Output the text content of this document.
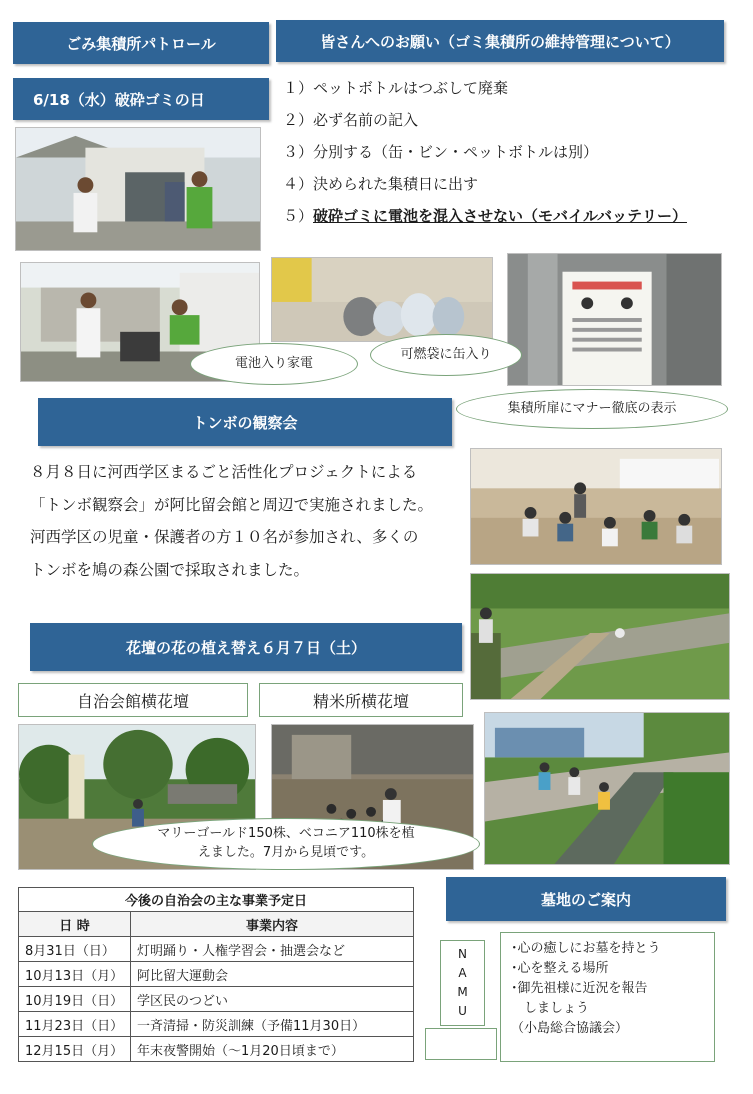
ごみ集積所パトロール
6/18（水）破砕ゴミの日
電池入り家電
可燃袋に缶入り
集積所扉にマナー徹底の表示
皆さんへのお願い（ゴミ集積所の維持管理について）
１）ペットボトルはつぶして廃棄
２）必ず名前の記入
３）分別する（缶・ビン・ペットボトルは別）
４）決められた集積日に出す
５）破砕ゴミに電池を混入させない（モバイルバッテリー）
トンボの観察会
８月８日に河西学区まるごと活性化プロジェクトによる
「トンボ観察会」が阿比留会館と周辺で実施されました。
河西学区の児童・保護者の方１０名が参加され、多くの
トンボを鳩の森公園で採取されました。
花壇の花の植え替え６月７日（土）
自治会館横花壇	精米所横花壇
マリーゴールド150株、ベコニア110株を植
えました。7月から見頃です。
今後の自治会の主な事業予定日	
日 時	事業内容
8月31日（日）	灯明踊り・人権学習会・抽選会など
10月13日（月）	阿比留大運動会
10月19日（日）	学区民のつどい
11月23日（日）	一斉清掃・防災訓練（予備11月30日）
12月15日（月）	年末夜警開始（～1月20日頃まで）
墓地のご案内
N
A
M
U
･心の癒しにお墓を持とう
･心を整える場所
･御先祖様に近況を報告
　しましょう
（小島総合協議会）
